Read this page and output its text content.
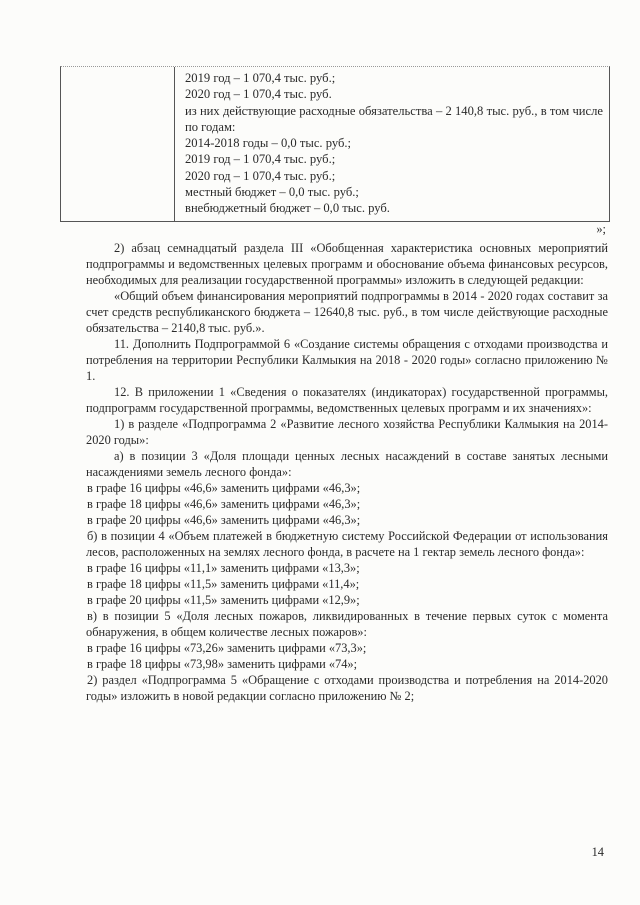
2019 год – 1 070,4 тыс. руб.;
2020 год – 1 070,4 тыс. руб.
из них действующие расходные обязательства – 2 140,8 тыс. руб., в том числе по годам:
2014-2018 годы – 0,0 тыс. руб.;
2019 год – 1 070,4 тыс. руб.;
2020 год – 1 070,4 тыс. руб.;
местный бюджет – 0,0 тыс. руб.;
внебюджетный бюджет – 0,0 тыс. руб.
»;

2) абзац семнадцатый раздела III «Обобщенная характеристика основных мероприятий подпрограммы и ведомственных целевых программ и обоснование объема финансовых ресурсов, необходимых для реализации государственной программы» изложить в следующей редакции:

«Общий объем финансирования мероприятий подпрограммы в 2014 - 2020 годах составит за счет средств республиканского бюджета – 12640,8 тыс. руб., в том числе действующие расходные обязательства – 2140,8 тыс. руб.».

11. Дополнить Подпрограммой 6 «Создание системы обращения с отходами производства и потребления на территории Республики Калмыкия на 2018 - 2020 годы» согласно приложению № 1.

12. В приложении 1 «Сведения о показателях (индикаторах) государственной программы, подпрограмм государственной программы, ведомственных целевых программ и их значениях»:

1) в разделе «Подпрограмма 2 «Развитие лесного хозяйства Республики Калмыкия на 2014-2020 годы»:

а) в позиции 3 «Доля площади ценных лесных насаждений в составе занятых лесными насаждениями земель лесного фонда»:

в графе 16 цифры «46,6» заменить цифрами «46,3»;

в графе 18 цифры «46,6» заменить цифрами «46,3»;

в графе 20 цифры «46,6» заменить цифрами «46,3»;

б) в позиции 4 «Объем платежей в бюджетную систему Российской Федерации от использования лесов, расположенных на землях лесного фонда, в расчете на 1 гектар земель лесного фонда»:

в графе 16 цифры «11,1» заменить цифрами «13,3»;

в графе 18 цифры «11,5» заменить цифрами «11,4»;

в графе 20 цифры «11,5» заменить цифрами «12,9»;

в) в позиции 5 «Доля лесных пожаров, ликвидированных в течение первых суток с момента обнаружения, в общем количестве лесных пожаров»:

в графе 16 цифры «73,26» заменить цифрами «73,3»;

в графе 18 цифры «73,98» заменить цифрами «74»;

2) раздел «Подпрограмма 5 «Обращение с отходами производства и потребления на 2014-2020 годы» изложить в новой редакции согласно приложению № 2;

14
